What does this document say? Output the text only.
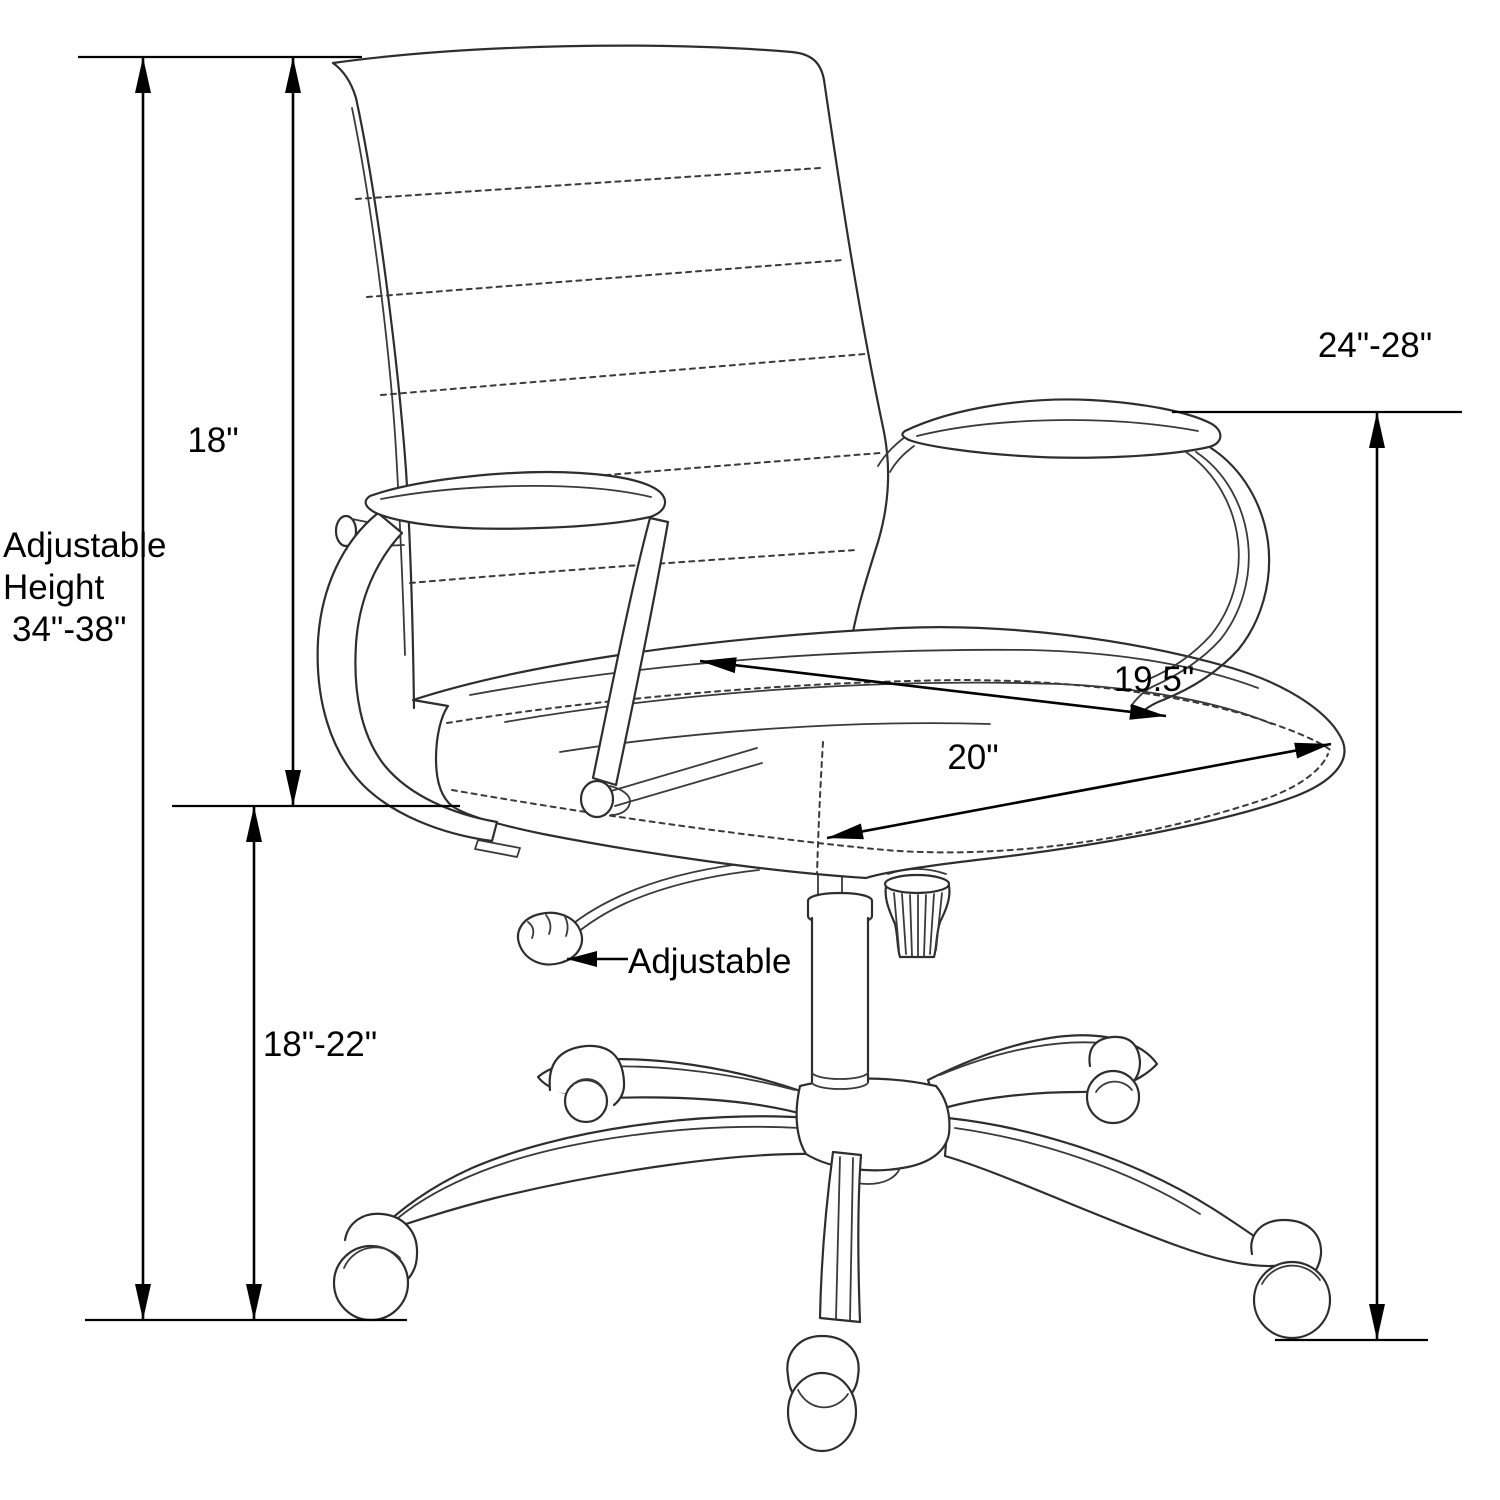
Adjustable
Height
34"-38"
18"
18"-22"
24"-28"
19.5"
20"
Adjustable
